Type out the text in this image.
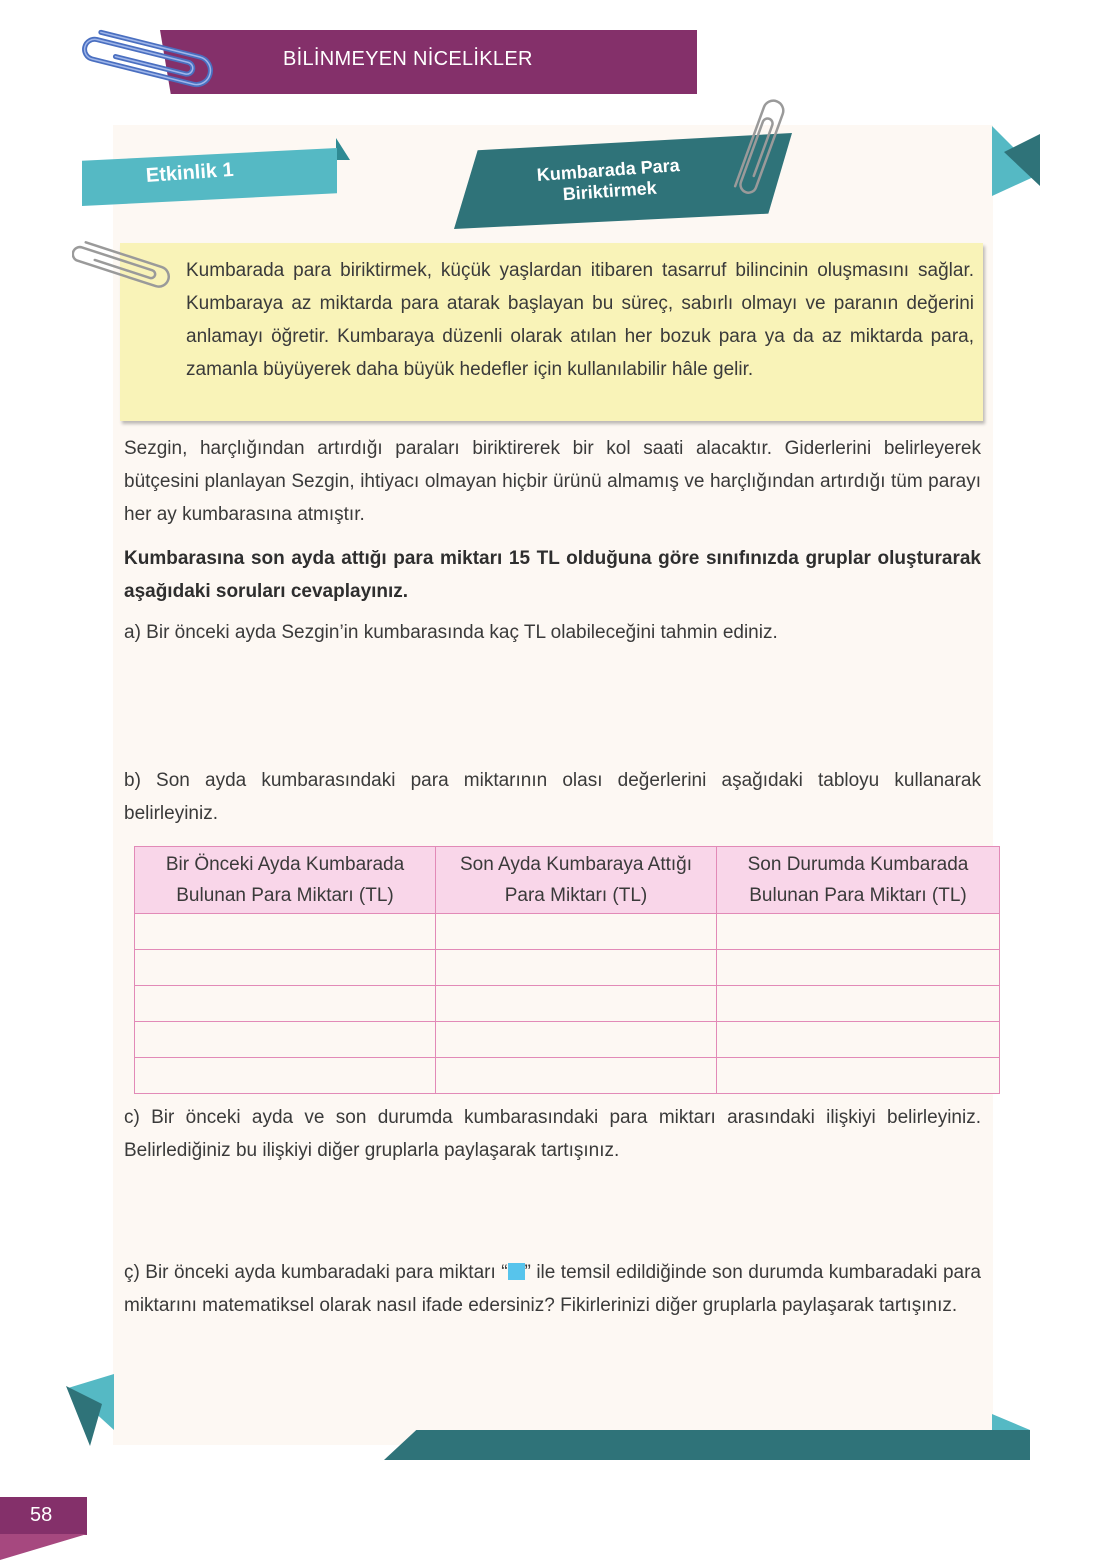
BİLİNMEYEN NİCELİKLER
Etkinlik 1	Kumbarada Para
Biriktirmek
Kumbarada para biriktirmek, küçük yaşlardan itibaren tasarruf bilincinin oluşmasını sağlar. Kumbaraya az miktarda para atarak başlayan bu süreç, sabırlı olmayı ve paranın değerini anlamayı öğretir. Kumbaraya düzenli olarak atılan her bozuk para ya da az miktarda para, zamanla büyüyerek daha büyük hedefler için kullanılabilir hâle gelir.
Sezgin, harçlığından artırdığı paraları biriktirerek bir kol saati alacaktır. Giderlerini belirleyerek bütçesini planlayan Sezgin, ihtiyacı olmayan hiçbir ürünü almamış ve harçlığından artırdığı tüm parayı her ay kumbarasına atmıştır.
Kumbarasına son ayda attığı para miktarı 15 TL olduğuna göre sınıfınızda gruplar oluşturarak aşağıdaki soruları cevaplayınız.
a) Bir önceki ayda Sezgin’in kumbarasında kaç TL olabileceğini tahmin ediniz.
b) Son ayda kumbarasındaki para miktarının olası değerlerini aşağıdaki tabloyu kullanarak belirleyiniz.
Bir Önceki Ayda Kumbarada Bulunan Para Miktarı (TL)	Son Ayda Kumbaraya Attığı Para Miktarı (TL)	Son Durumda Kumbarada Bulunan Para Miktarı (TL)

c) Bir önceki ayda ve son durumda kumbarasındaki para miktarı arasındaki ilişkiyi belirleyiniz. Belirlediğiniz bu ilişkiyi diğer gruplarla paylaşarak tartışınız.
ç) Bir önceki ayda kumbaradaki para miktarı “ ” ile temsil edildiğinde son durumda kumbaradaki para miktarını matematiksel olarak nasıl ifade edersiniz? Fikirlerinizi diğer gruplarla paylaşarak tartışınız.
58
